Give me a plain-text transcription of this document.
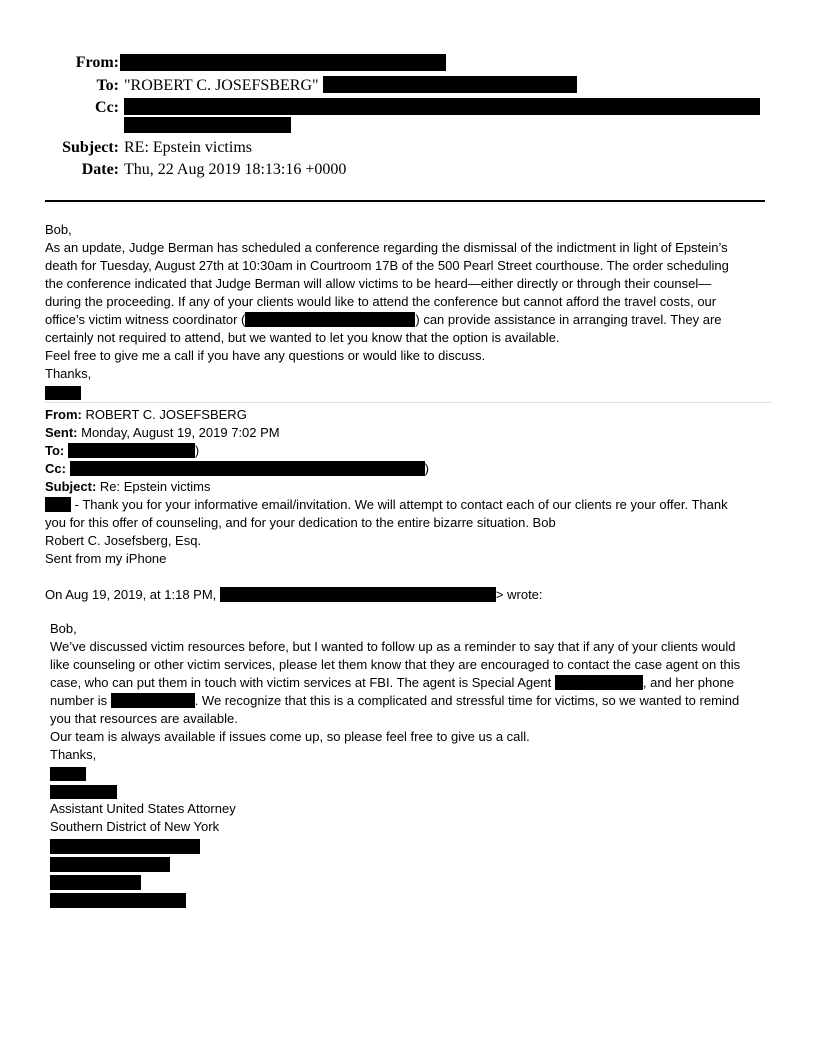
From:
To: "ROBERT C. JOSEFSBERG"
Cc:
Subject: RE: Epstein victims
Date: Thu, 22 Aug 2019 18:13:16 +0000
Bob,
As an update, Judge Berman has scheduled a conference regarding the dismissal of the indictment in light of Epstein’s
death for Tuesday, August 27th at 10:30am in Courtroom 17B of the 500 Pearl Street courthouse. The order scheduling
the conference indicated that Judge Berman will allow victims to be heard—either directly or through their counsel—
during the proceeding. If any of your clients would like to attend the conference but cannot afford the travel costs, our
office’s victim witness coordinator (	) can provide assistance in arranging travel. They are
certainly not required to attend, but we wanted to let you know that the option is available.
Feel free to give me a call if you have any questions or would like to discuss.
Thanks,
From: ROBERT C. JOSEFSBERG
Sent: Monday, August 19, 2019 7:02 PM
To:	)
Cc:	)
Subject: Re: Epstein victims
- Thank you for your informative email/invitation. We will attempt to contact each of our clients re your offer. Thank
you for this offer of counseling, and for your dedication to the entire bizarre situation. Bob
Robert C. Josefsberg, Esq.
Sent from my iPhone
On Aug 19, 2019, at 1:18 PM,	> wrote:
Bob,
We’ve discussed victim resources before, but I wanted to follow up as a reminder to say that if any of your clients would
like counseling or other victim services, please let them know that they are encouraged to contact the case agent on this
case, who can put them in touch with victim services at FBI. The agent is Special Agent	, and her phone
number is	. We recognize that this is a complicated and stressful time for victims, so we wanted to remind
you that resources are available.
Our team is always available if issues come up, so please feel free to give us a call.
Thanks,
Assistant United States Attorney
Southern District of New York
